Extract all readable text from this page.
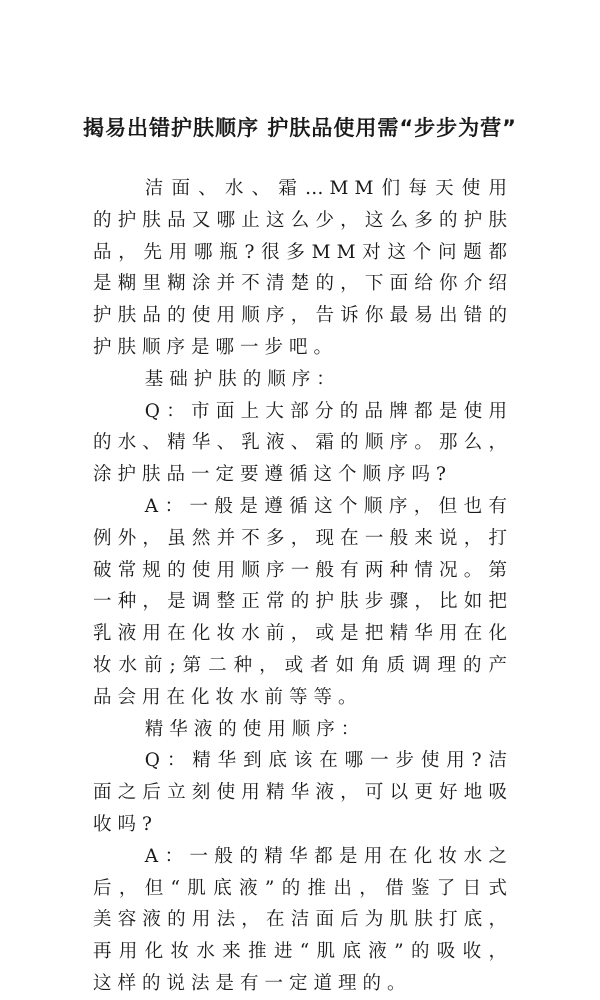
揭易出错护肤顺序 护肤品使用需“步步为营”

洁面、水、霜…MM们每天使用的护肤品又哪止这么少，这么多的护肤品，先用哪瓶?很多MM对这个问题都是糊里糊涂并不清楚的，下面给你介绍护肤品的使用顺序，告诉你最易出错的护肤顺序是哪一步吧。

基础护肤的顺序：

Q：市面上大部分的品牌都是使用的水、精华、乳液、霜的顺序。那么，涂护肤品一定要遵循这个顺序吗?

A：一般是遵循这个顺序，但也有例外，虽然并不多，现在一般来说，打破常规的使用顺序一般有两种情况。第一种，是调整正常的护肤步骤，比如把乳液用在化妆水前，或是把精华用在化妆水前;第二种，或者如角质调理的产品会用在化妆水前等等。

精华液的使用顺序：

Q：精华到底该在哪一步使用?洁面之后立刻使用精华液，可以更好地吸收吗?

A：一般的精华都是用在化妆水之后，但“肌底液”的推出，借鉴了日式美容液的用法，在洁面后为肌肤打底，再用化妆水来推进“肌底液”的吸收，这样的说法是有一定道理的。
